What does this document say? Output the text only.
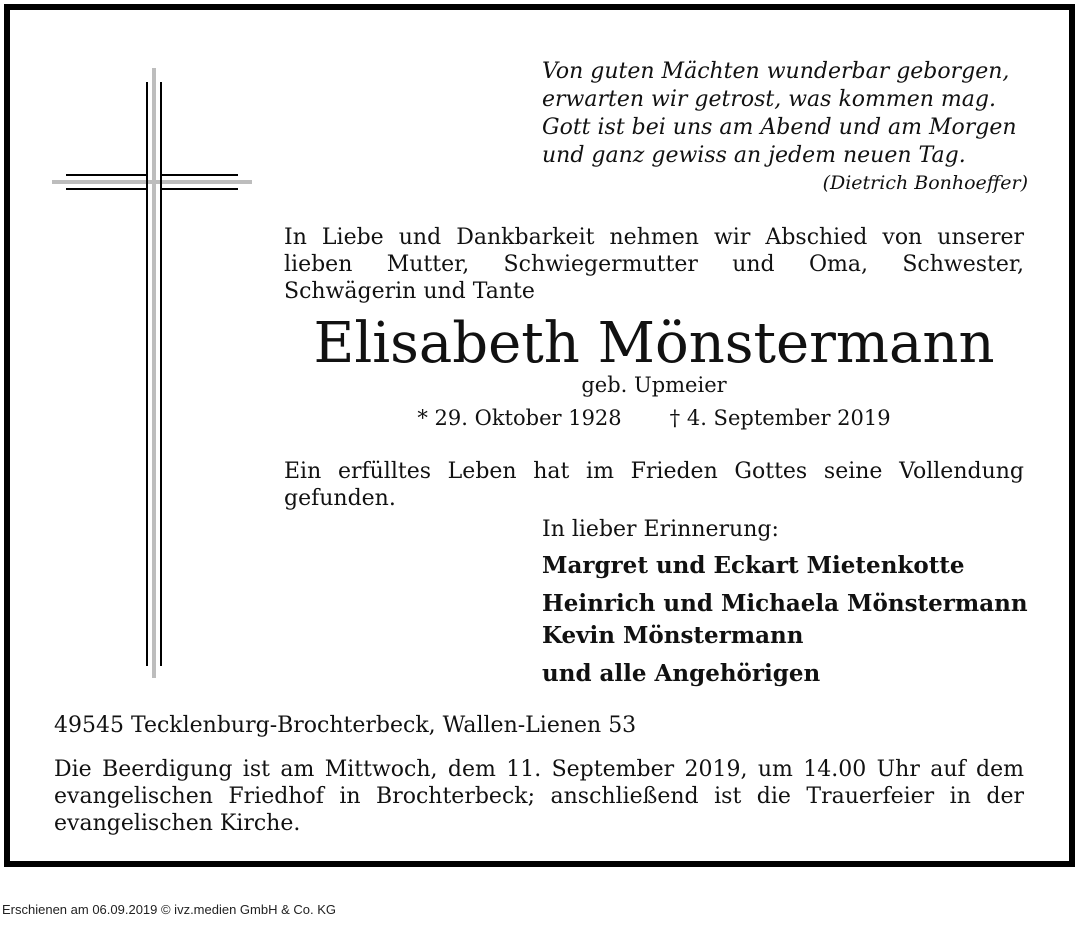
Von guten Mächten wunderbar geborgen,
erwarten wir getrost, was kommen mag.
Gott ist bei uns am Abend und am Morgen
und ganz gewiss an jedem neuen Tag.
(Dietrich Bonhoeffer)
In Liebe und Dankbarkeit nehmen wir Abschied von unserer lieben Mutter, Schwiegermutter und Oma, Schwester, Schwägerin und Tante
Elisabeth Mönstermann
geb. Upmeier
* 29. Oktober 1928 † 4. September 2019
Ein erfülltes Leben hat im Frieden Gottes seine Vollendung gefunden.
In lieber Erinnerung:
Margret und Eckart Mietenkotte
Heinrich und Michaela Mönstermann
Kevin Mönstermann
und alle Angehörigen
49545 Tecklenburg-Brochterbeck, Wallen-Lienen 53
Die Beerdigung ist am Mittwoch, dem 11. September 2019, um 14.00 Uhr auf dem evangelischen Friedhof in Brochterbeck; anschließend ist die Trauerfeier in der evangelischen Kirche.
Erschienen am 06.09.2019 © ivz.medien GmbH & Co. KG
